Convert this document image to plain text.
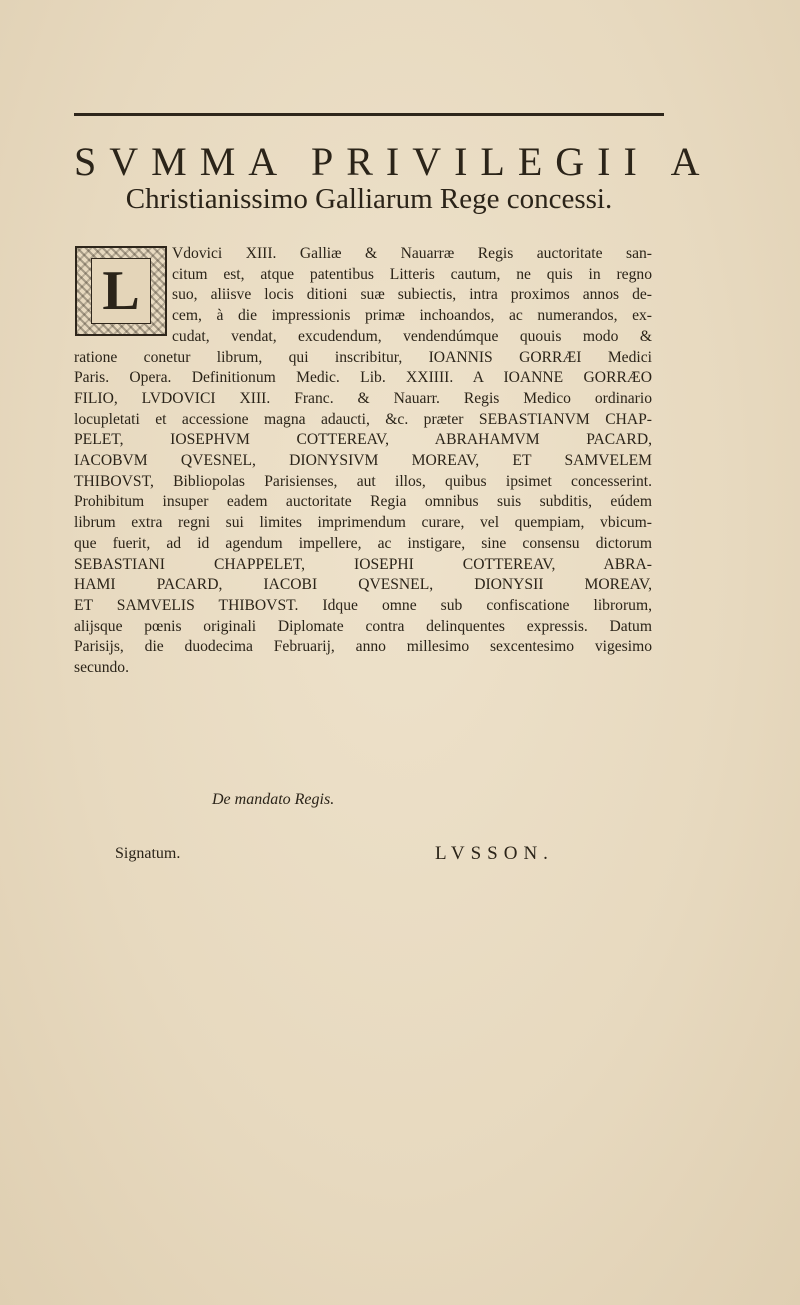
SVMMA PRIVILEGII A
Christianissimo Galliarum Rege concessi.
L
Vdovici XIII. Galliæ & Nauarræ Regis auctoritate san-
citum est, atque patentibus Litteris cautum, ne quis in regno
suo, aliisve locis ditioni suæ subiectis, intra proximos annos de-
cem, à die impressionis primæ inchoandos, ac numerandos, ex-
cudat, vendat, excudendum, vendendúmque quouis modo &
ratione conetur librum, qui inscribitur, IOANNIS GORRÆI Medici
Paris. Opera. Definitionum Medic. Lib. XXIIII. A IOANNE GORRÆO
FILIO, LVDOVICI XIII. Franc. & Nauarr. Regis Medico ordinario
locupletati et accessione magna adaucti, &c. præter SEBASTIANVM CHAP-
PELET, IOSEPHVM COTTEREAV, ABRAHAMVM PACARD,
IACOBVM QVESNEL, DIONYSIVM MOREAV, ET SAMVELEM
THIBOVST, Bibliopolas Parisienses, aut illos, quibus ipsimet concesserint.
Prohibitum insuper eadem auctoritate Regia omnibus suis subditis, eúdem
librum extra regni sui limites imprimendum curare, vel quempiam, vbicum-
que fuerit, ad id agendum impellere, ac instigare, sine consensu dictorum
SEBASTIANI CHAPPELET, IOSEPHI COTTEREAV, ABRA-
HAMI PACARD, IACOBI QVESNEL, DIONYSII MOREAV,
ET SAMVELIS THIBOVST. Idque omne sub confiscatione librorum,
alijsque pœnis originali Diplomate contra delinquentes expressis. Datum
Parisijs, die duodecima Februarij, anno millesimo sexcentesimo vigesimo
secundo.
De mandato Regis.
Signatum.	LVSSON.
